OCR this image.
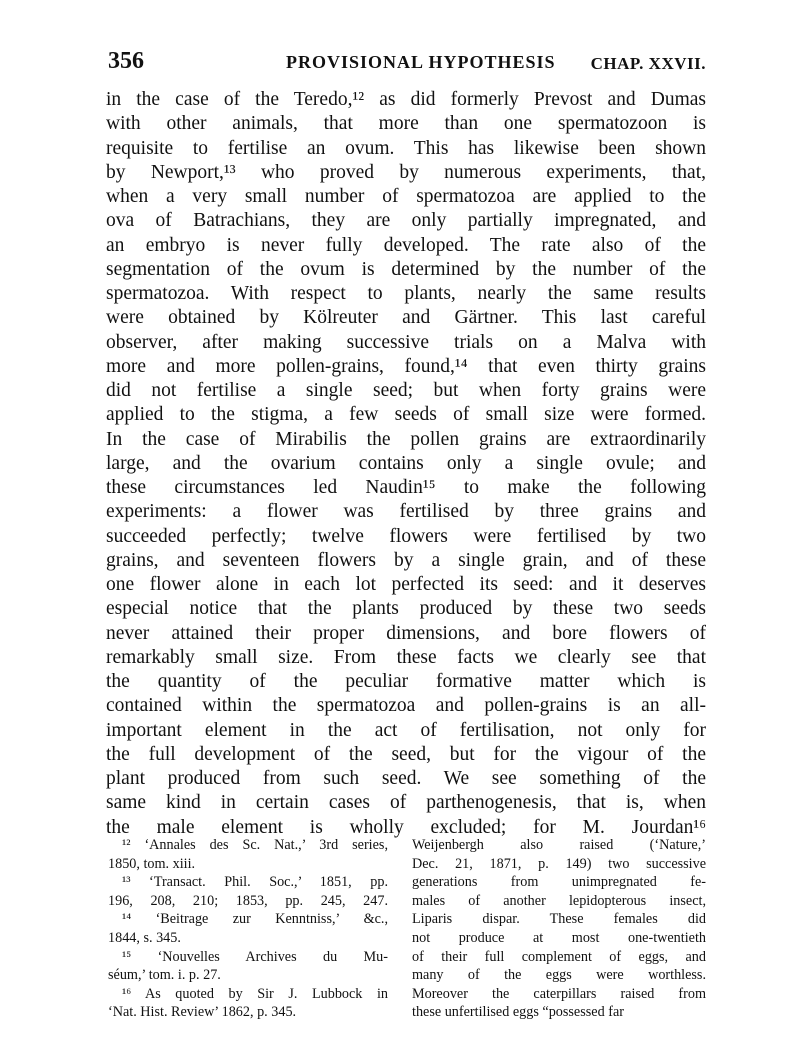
356	PROVISIONAL HYPOTHESIS CHAP. XXVII.
in the case of the Teredo,¹² as did formerly Prevost and Dumas
with other animals, that more than one spermatozoon is
requisite to fertilise an ovum. This has likewise been shown
by Newport,¹³ who proved by numerous experiments, that,
when a very small number of spermatozoa are applied to the
ova of Batrachians, they are only partially impregnated, and
an embryo is never fully developed. The rate also of the
segmentation of the ovum is determined by the number of the
spermatozoa. With respect to plants, nearly the same results
were obtained by Kölreuter and Gärtner. This last careful
observer, after making successive trials on a Malva with
more and more pollen-grains, found,¹⁴ that even thirty grains
did not fertilise a single seed; but when forty grains were
applied to the stigma, a few seeds of small size were formed.
In the case of Mirabilis the pollen grains are extraordinarily
large, and the ovarium contains only a single ovule; and
these circumstances led Naudin¹⁵ to make the following
experiments: a flower was fertilised by three grains and
succeeded perfectly; twelve flowers were fertilised by two
grains, and seventeen flowers by a single grain, and of these
one flower alone in each lot perfected its seed: and it deserves
especial notice that the plants produced by these two seeds
never attained their proper dimensions, and bore flowers of
remarkably small size. From these facts we clearly see that
the quantity of the peculiar formative matter which is
contained within the spermatozoa and pollen-grains is an all-
important element in the act of fertilisation, not only for
the full development of the seed, but for the vigour of the
plant produced from such seed. We see something of the
same kind in certain cases of parthenogenesis, that is, when
the male element is wholly excluded; for M. Jourdan¹⁶
¹² ‘Annales des Sc. Nat.,’ 3rd series,
1850, tom. xiii.
¹³ ‘Transact. Phil. Soc.,’ 1851, pp.
196, 208, 210; 1853, pp. 245, 247.
¹⁴ ‘Beitrage zur Kenntniss,’ &c.,
1844, s. 345.
¹⁵ ‘Nouvelles Archives du Mu-
séum,’ tom. i. p. 27.
¹⁶ As quoted by Sir J. Lubbock in
‘Nat. Hist. Review’ 1862, p. 345.
Weijenbergh also raised (‘Nature,’
Dec. 21, 1871, p. 149) two successive
generations from unimpregnated fe-
males of another lepidopterous insect,
Liparis dispar. These females did
not produce at most one-twentieth
of their full complement of eggs, and
many of the eggs were worthless.
Moreover the caterpillars raised from
these unfertilised eggs “possessed far
